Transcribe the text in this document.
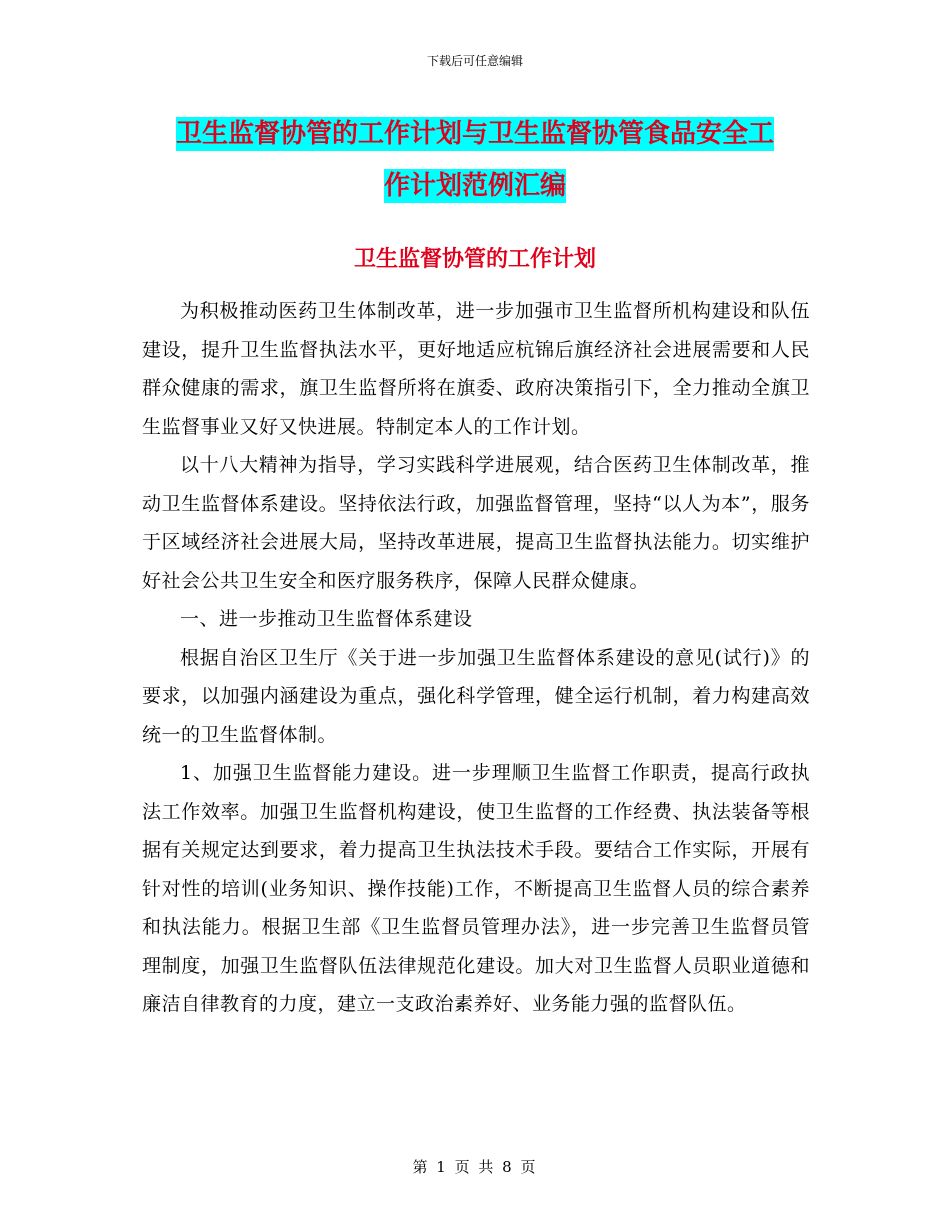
下载后可任意编辑
卫生监督协管的工作计划与卫生监督协管食品安全工
作计划范例汇编
卫生监督协管的工作计划

为积极推动医药卫生体制改革，进一步加强市卫生监督所机构建设和队伍建设，提升卫生监督执法水平，更好地适应杭锦后旗经济社会进展需要和人民群众健康的需求，旗卫生监督所将在旗委、政府决策指引下，全力推动全旗卫生监督事业又好又快进展。特制定本人的工作计划。

以十八大精神为指导，学习实践科学进展观，结合医药卫生体制改革，推动卫生监督体系建设。坚持依法行政，加强监督管理，坚持“以人为本”，服务于区域经济社会进展大局，坚持改革进展，提高卫生监督执法能力。切实维护好社会公共卫生安全和医疗服务秩序，保障人民群众健康。

一、进一步推动卫生监督体系建设

根据自治区卫生厅《关于进一步加强卫生监督体系建设的意见(试行)》的要求，以加强内涵建设为重点，强化科学管理，健全运行机制，着力构建高效统一的卫生监督体制。

1、加强卫生监督能力建设。进一步理顺卫生监督工作职责，提高行政执法工作效率。加强卫生监督机构建设，使卫生监督的工作经费、执法装备等根据有关规定达到要求，着力提高卫生执法技术手段。要结合工作实际，开展有针对性的培训(业务知识、操作技能)工作，不断提高卫生监督人员的综合素养和执法能力。根据卫生部《卫生监督员管理办法》，进一步完善卫生监督员管理制度，加强卫生监督队伍法律规范化建设。加大对卫生监督人员职业道德和廉洁自律教育的力度，建立一支政治素养好、业务能力强的监督队伍。

第 1 页 共 8 页
